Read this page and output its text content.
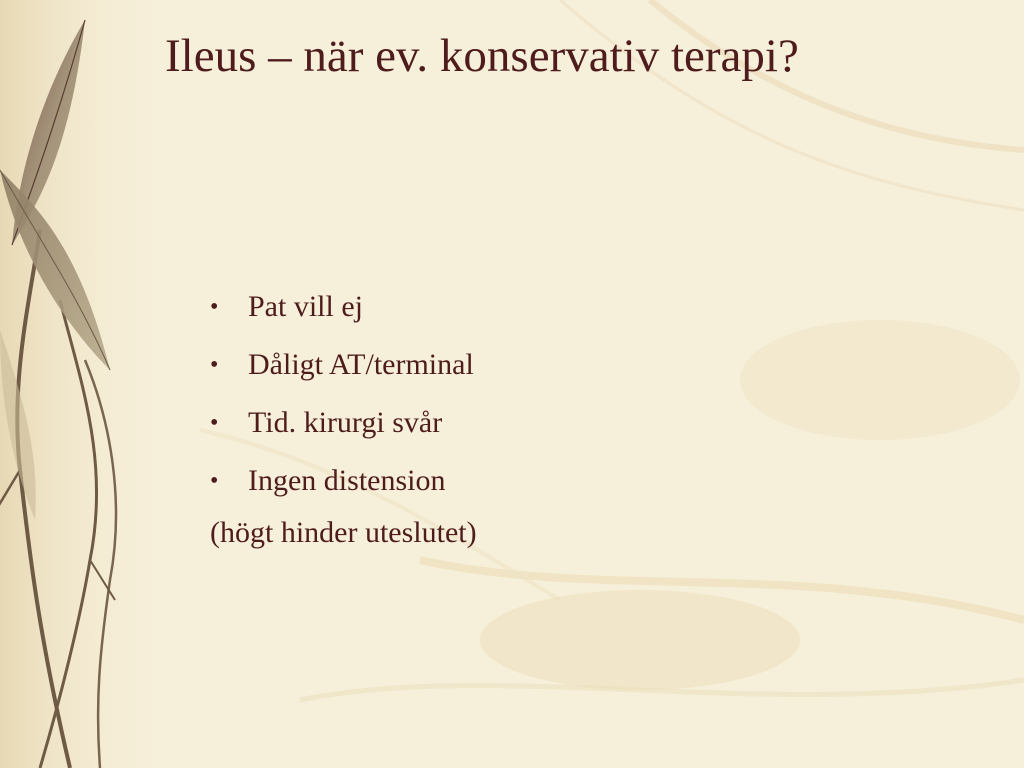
Ileus – när ev. konservativ terapi?
• Pat vill ej
• Dåligt AT/terminal
• Tid. kirurgi svår
• Ingen distension

(högt hinder uteslutet)
